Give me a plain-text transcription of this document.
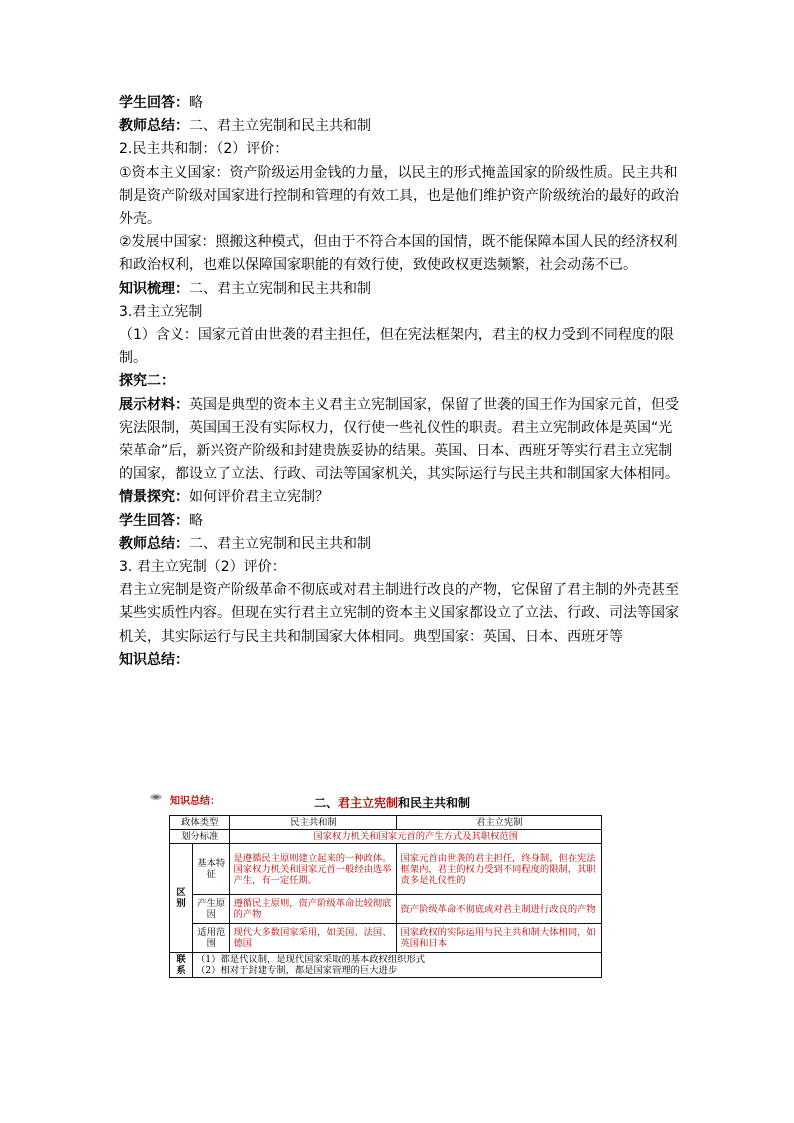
学生回答：略

教师总结：二、君主立宪制和民主共和制

2.民主共和制：（2）评价：

①资本主义国家：资产阶级运用金钱的力量，以民主的形式掩盖国家的阶级性质。民主共和制是资产阶级对国家进行控制和管理的有效工具，也是他们维护资产阶级统治的最好的政治外壳。

②发展中国家：照搬这种模式，但由于不符合本国的国情，既不能保障本国人民的经济权利和政治权利，也难以保障国家职能的有效行使，致使政权更迭频繁，社会动荡不已。

知识梳理：二、君主立宪制和民主共和制

3.君主立宪制

（1）含义：国家元首由世袭的君主担任，但在宪法框架内，君主的权力受到不同程度的限制。

探究二：

展示材料：英国是典型的资本主义君主立宪制国家，保留了世袭的国王作为国家元首，但受宪法限制，英国国王没有实际权力，仅行使一些礼仪性的职责。君主立宪制政体是英国“光荣革命”后，新兴资产阶级和封建贵族妥协的结果。英国、日本、西班牙等实行君主立宪制的国家，都设立了立法、行政、司法等国家机关，其实际运行与民主共和制国家大体相同。

情景探究：如何评价君主立宪制？

学生回答：略

教师总结：二、君主立宪制和民主共和制

3. 君主立宪制（2）评价：

君主立宪制是资产阶级革命不彻底或对君主制进行改良的产物，它保留了君主制的外壳甚至某些实质性内容。但现在实行君主立宪制的资本主义国家都设立了立法、行政、司法等国家机关，其实际运行与民主共和制国家大体相同。典型国家：英国、日本、西班牙等

知识总结：

知识总结：	二、君主立宪制和民主共和制
政体类型		民主共和制	君主立宪制
划分标准		国家权力机关和国家元首的产生方式及其职权范围	
区别	基本特征	是遵循民主原则建立起来的一种政体。国家权力机关和国家元首一般经由选举产生，有一定任期。	国家元首由世袭的君主担任，终身制，但在宪法框架内，君主的权力受到不同程度的限制，其职责多是礼仪性的
	产生原因	遵循民主原则，资产阶级革命比较彻底的产物	资产阶级革命不彻底或对君主制进行改良的产物
	适用范围	现代大多数国家采用，如美国、法国、德国	国家政权的实际运用与民主共和制大体相同，如英国和日本
联系	（1）都是代议制，是现代国家采取的基本政权组织形式
（2）相对于封建专制，都是国家管理的巨大进步		
